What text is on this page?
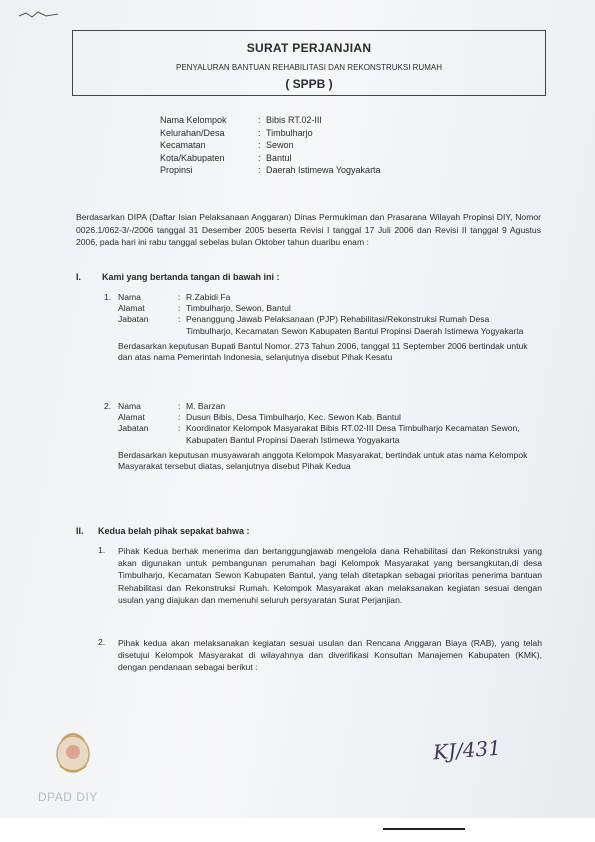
SURAT PERJANJIAN
PENYALURAN BANTUAN REHABILITASI DAN REKONSTRUKSI RUMAH
( SPPB )
Nama Kelompok	: Bibis RT.02-III
Kelurahan/Desa	: Timbulharjo
Kecamatan	: Sewon
Kota/Kabupaten	: Bantul
Propinsi	: Daerah Istimewa Yogyakarta
Berdasarkan DIPA (Daftar Isian Pelaksanaan Anggaran) Dinas Permukiman dan Prasarana Wilayah Propinsi DIY, Nomor 0026.1/062-3/-/2006 tanggal 31 Desember 2005 beserta Revisi I tanggal 17 Juli 2006 dan Revisi II tanggal 9 Agustus 2006, pada hari ini rabu tanggal sebelas bulan Oktober tahun duaribu enam :
I. Kami yang bertanda tangan di bawah ini :
1. Nama	: R.Zabidi Fa
Alamat	: Timbulharjo, Sewon, Bantul
Jabatan	: Penanggung Jawab Pelaksanaan (PJP) Rehabilitasi/Rekonstruksi Rumah Desa Timbulharjo, Kecamatan Sewon Kabupaten Bantul Propinsi Daerah Istimewa Yogyakarta
Berdasarkan keputusan Bupati Bantul Nomor. 273 Tahun 2006, tanggal 11 September 2006 bertindak untuk dan atas nama Pemerintah Indonesia, selanjutnya disebut Pihak Kesatu
2. Nama	: M. Barzan
Alamat	: Dusun Bibis, Desa Timbulharjo, Kec. Sewon Kab. Bantul
Jabatan	: Koordinator Kelompok Masyarakat Bibis RT.02-III Desa Timbulharjo Kecamatan Sewon, Kabupaten Bantul Propinsi Daerah Istimewa Yogyakarta
Berdasarkan keputusan musyawarah anggota Kelompok Masyarakat, bertindak untuk atas nama Kelompok Masyarakat tersebut diatas, selanjutnya disebut Pihak Kedua
II. Kedua belah pihak sepakat bahwa :
1. Pihak Kedua berhak menerima dan bertanggungjawab mengelola dana Rehabilitasi dan Rekonstruksi yang akan digunakan untuk pembangunan perumahan bagi Kelompok Masyarakat yang bersangkutan,di desa Timbulharjo, Kecamatan Sewon Kabupaten Bantul, yang telah ditetapkan sebagai prioritas penerima bantuan Rehabilitasi dan Rekonstruksi Rumah. Kelompok Masyarakat akan melaksanakan kegiatan sesuai dengan usulan yang diajukan dan memenuhi seluruh persyaratan Surat Perjanjian.
2. Pihak kedua akan melaksanakan kegiatan sesuai usulan dan Rencana Anggaran Biaya (RAB), yang telah disetujui Kelompok Masyarakat di wilayahnya dan diverifikasi Konsultan Manajemen Kabupaten (KMK), dengan pendanaan sebagai berikut :
KJ/431
DPAD DIY
